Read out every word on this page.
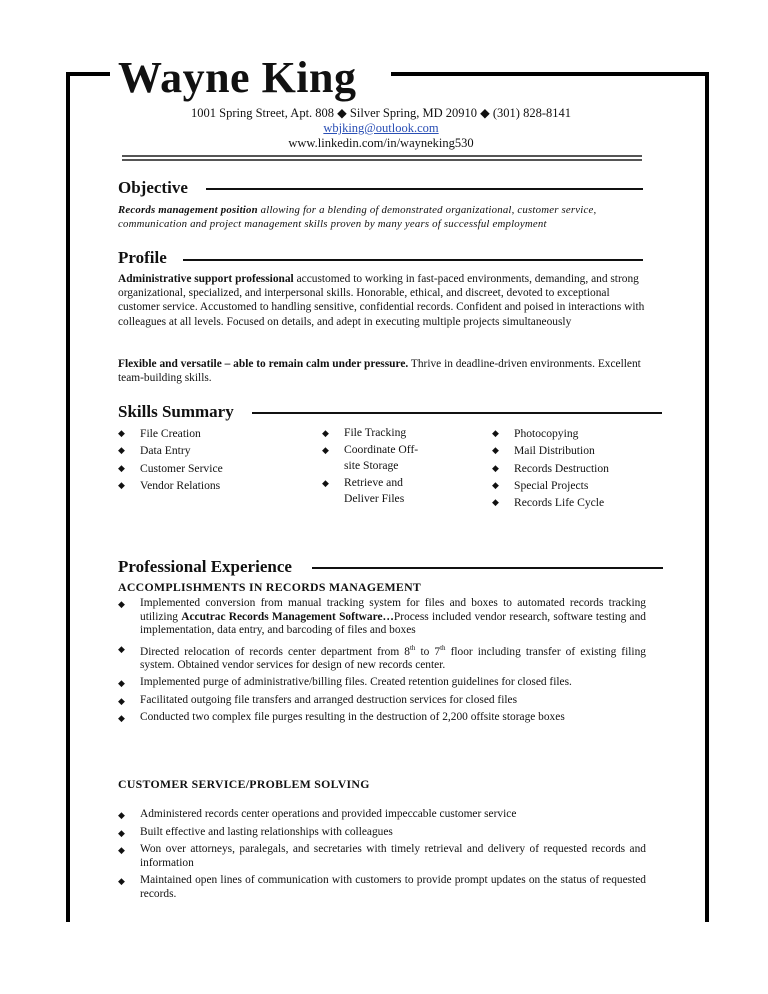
Wayne King
1001 Spring Street, Apt. 808 ◆ Silver Spring, MD 20910 ◆ (301) 828-8141
wbjking@outlook.com
www.linkedin.com/in/wayneking530
Objective
Records management position allowing for a blending of demonstrated organizational, customer service, communication and project management skills proven by many years of successful employment
Profile
Administrative support professional accustomed to working in fast-paced environments, demanding, and strong organizational, specialized, and interpersonal skills. Honorable, ethical, and discreet, devoted to exceptional customer service. Accustomed to handling sensitive, confidential records. Confident and poised in interactions with colleagues at all levels. Focused on details, and adept in executing multiple projects simultaneously
Flexible and versatile – able to remain calm under pressure. Thrive in deadline-driven environments. Excellent team-building skills.
Skills Summary
◆ File Creation
◆ Data Entry
◆ Customer Service
◆ Vendor Relations
◆ File Tracking
◆ Coordinate Off-
site Storage
◆ Retrieve and
Deliver Files
◆ Photocopying
◆ Mail Distribution
◆ Records Destruction
◆ Special Projects
◆ Records Life Cycle
Professional Experience
ACCOMPLISHMENTS IN RECORDS MANAGEMENT
◆ Implemented conversion from manual tracking system for files and boxes to automated records tracking utilizing Accutrac Records Management Software…Process included vendor research, software testing and implementation, data entry, and barcoding of files and boxes
◆ Directed relocation of records center department from 8th to 7th floor including transfer of existing filing system. Obtained vendor services for design of new records center.
◆ Implemented purge of administrative/billing files. Created retention guidelines for closed files.
◆ Facilitated outgoing file transfers and arranged destruction services for closed files
◆ Conducted two complex file purges resulting in the destruction of 2,200 offsite storage boxes
CUSTOMER SERVICE/PROBLEM SOLVING
◆ Administered records center operations and provided impeccable customer service
◆ Built effective and lasting relationships with colleagues
◆ Won over attorneys, paralegals, and secretaries with timely retrieval and delivery of requested records and information
◆ Maintained open lines of communication with customers to provide prompt updates on the status of requested records.
